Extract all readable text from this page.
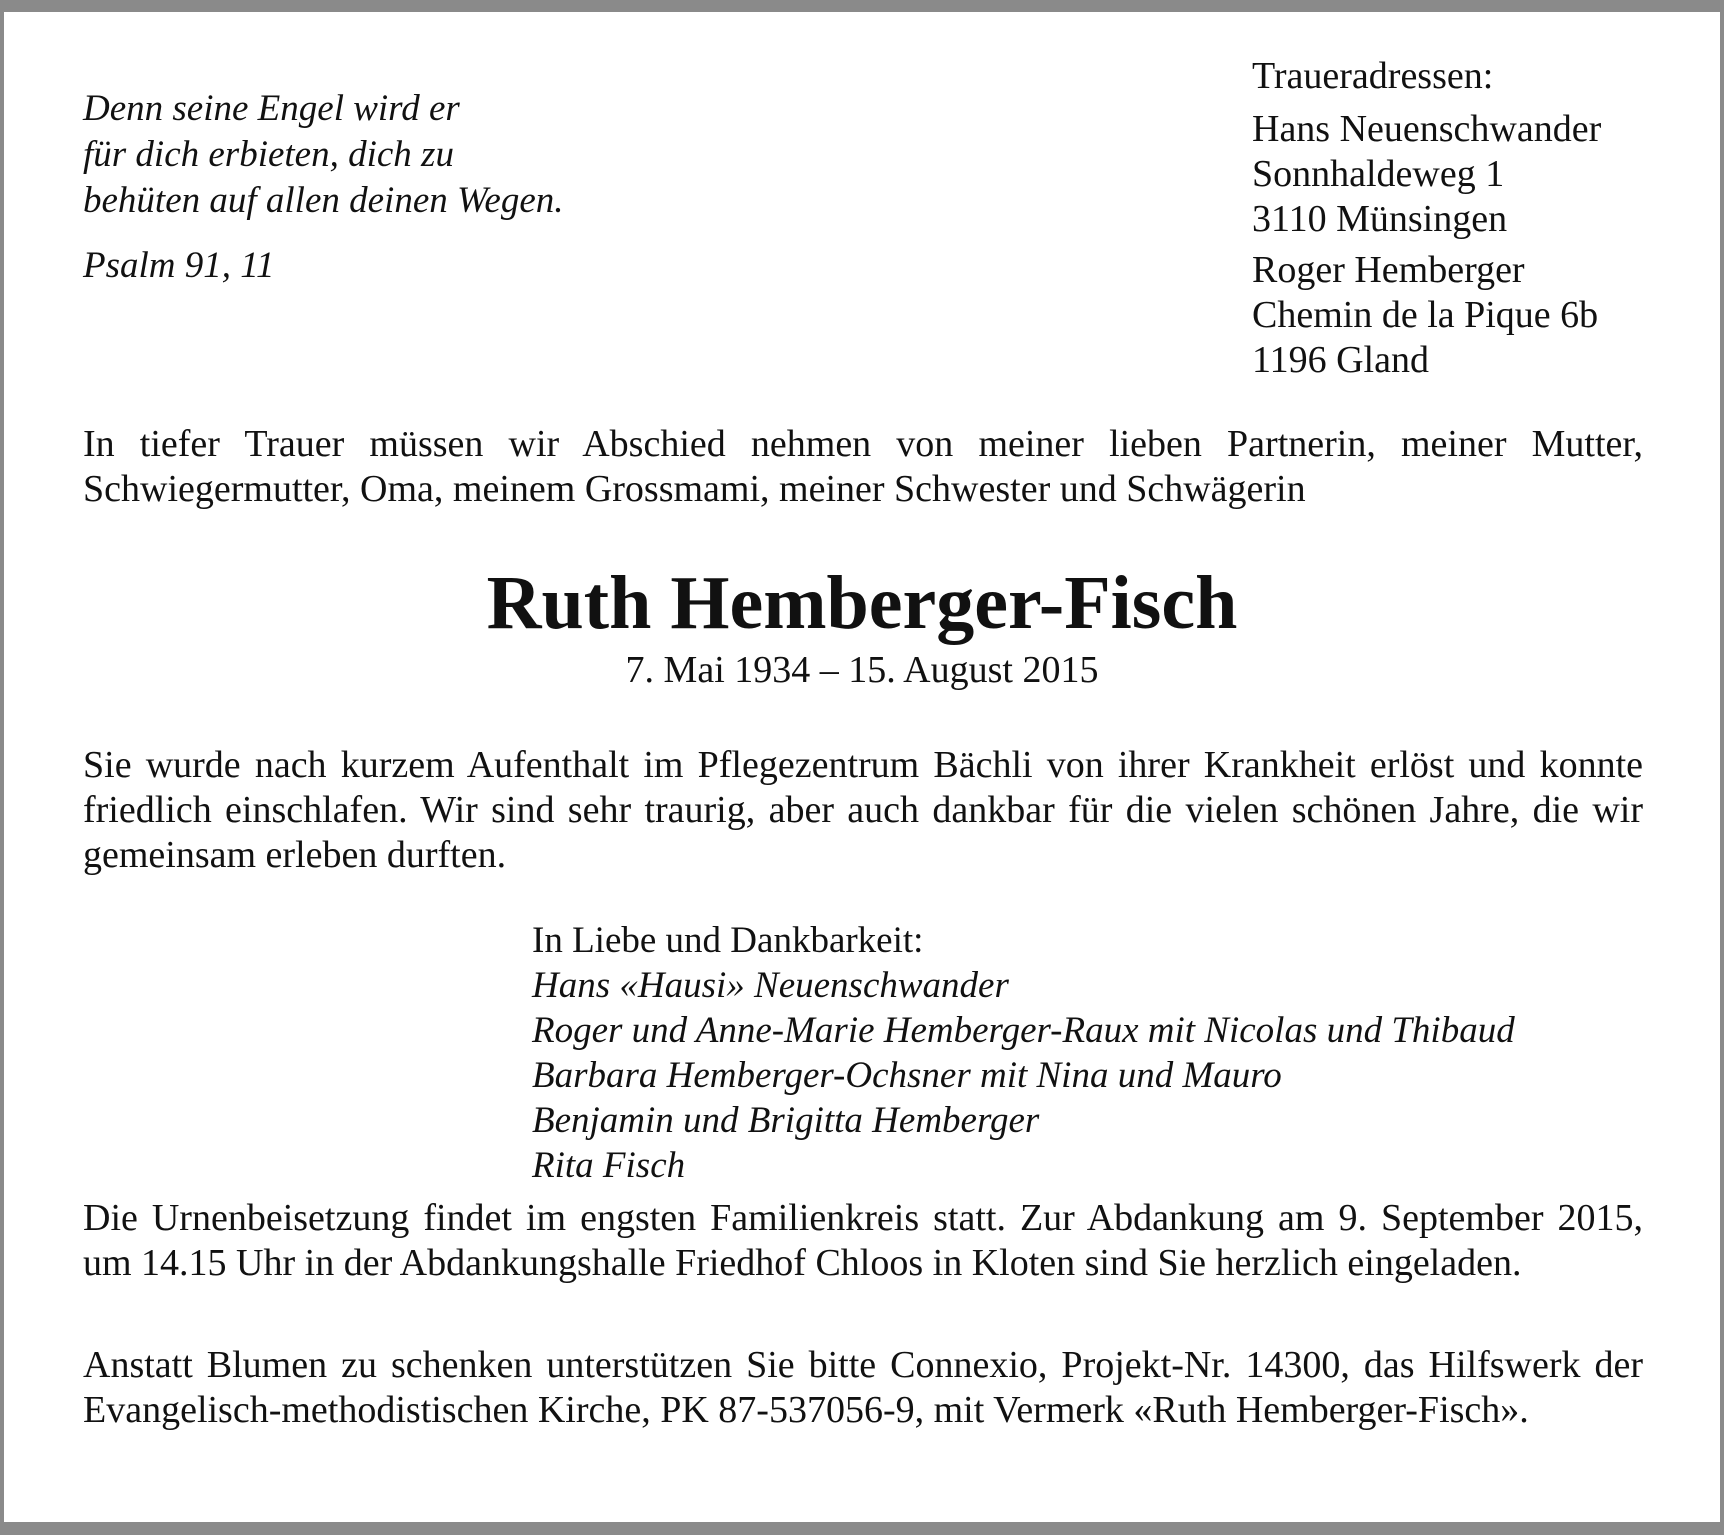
Denn seine Engel wird er
für dich erbieten, dich zu
behüten auf allen deinen Wegen.
Psalm 91, 11
Traueradressen:
Hans Neuenschwander
Sonnhaldeweg 1
3110 Münsingen
Roger Hemberger
Chemin de la Pique 6b
1196 Gland

In tiefer Trauer müssen wir Abschied nehmen von meiner lieben Partnerin, meiner Mutter, Schwiegermutter, Oma, meinem Grossmami, meiner Schwester und Schwägerin

Ruth Hemberger-Fisch
7. Mai 1934 – 15. August 2015

Sie wurde nach kurzem Aufenthalt im Pflegezentrum Bächli von ihrer Krankheit erlöst und konnte friedlich einschlafen. Wir sind sehr traurig, aber auch dankbar für die vielen schönen Jahre, die wir gemeinsam erleben durften.

In Liebe und Dankbarkeit:
Hans «Hausi» Neuenschwander
Roger und Anne-Marie Hemberger-Raux mit Nicolas und Thibaud
Barbara Hemberger-Ochsner mit Nina und Mauro
Benjamin und Brigitta Hemberger
Rita Fisch

Die Urnenbeisetzung findet im engsten Familienkreis statt. Zur Abdankung am 9. September 2015, um 14.15 Uhr in der Abdankungshalle Friedhof Chloos in Kloten sind Sie herzlich eingeladen.

Anstatt Blumen zu schenken unterstützen Sie bitte Connexio, Projekt-Nr. 14300, das Hilfswerk der Evangelisch-methodistischen Kirche, PK 87-537056-9, mit Vermerk «Ruth Hemberger-Fisch».
